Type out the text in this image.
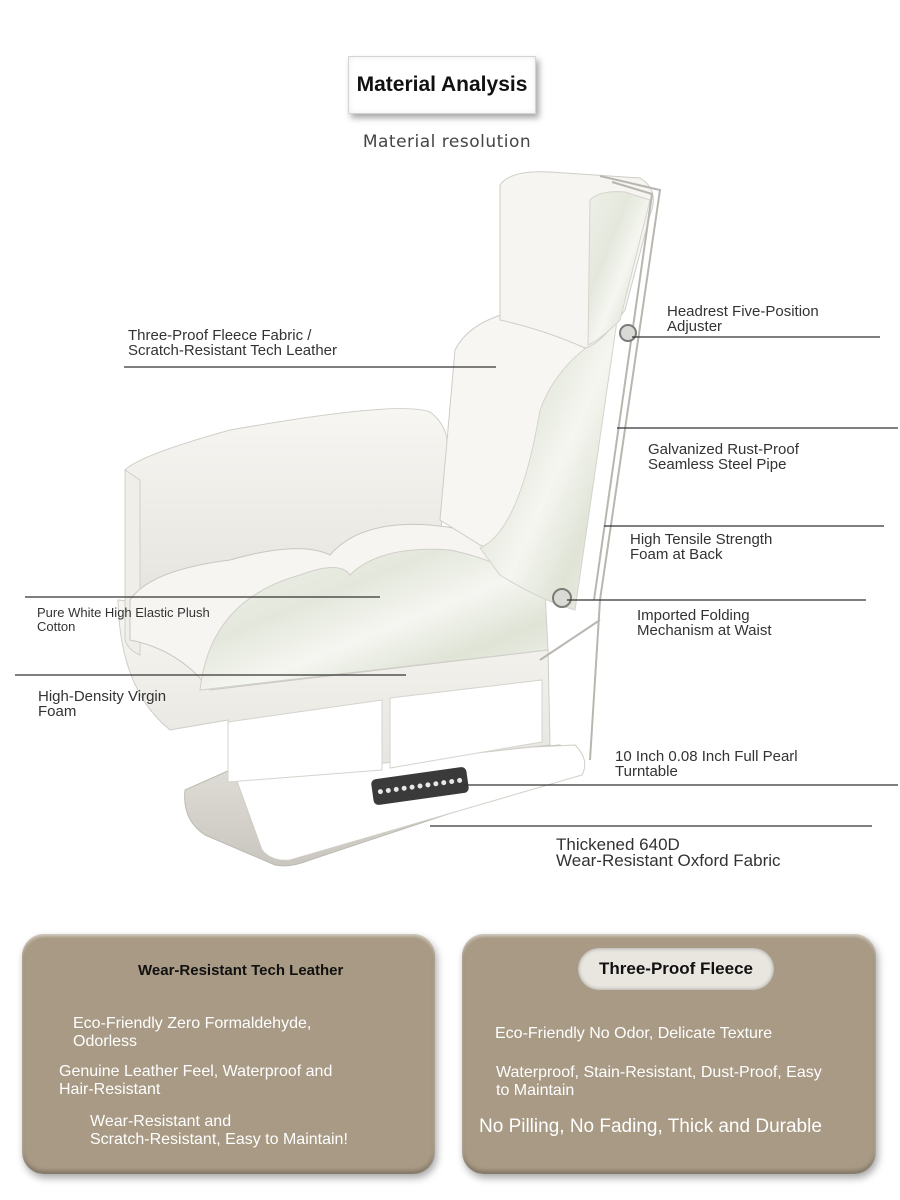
Material Analysis
Material resolution
Three-Proof Fleece Fabric /
Scratch-Resistant Tech Leather
Headrest Five-Position
Adjuster
Galvanized Rust-Proof
Seamless Steel Pipe
High Tensile Strength
Foam at Back
Pure White High Elastic Plush
Cotton
Imported Folding
Mechanism at Waist
High-Density Virgin
Foam
10 Inch 0.08 Inch Full Pearl
Turntable
Thickened 640D
Wear-Resistant Oxford Fabric
Wear-Resistant Tech Leather
Eco-Friendly Zero Formaldehyde,
Odorless
Genuine Leather Feel, Waterproof and
Hair-Resistant
Wear-Resistant and
Scratch-Resistant, Easy to Maintain!
Three-Proof Fleece
Eco-Friendly No Odor, Delicate Texture
Waterproof, Stain-Resistant, Dust-Proof, Easy
to Maintain
No Pilling, No Fading, Thick and Durable
